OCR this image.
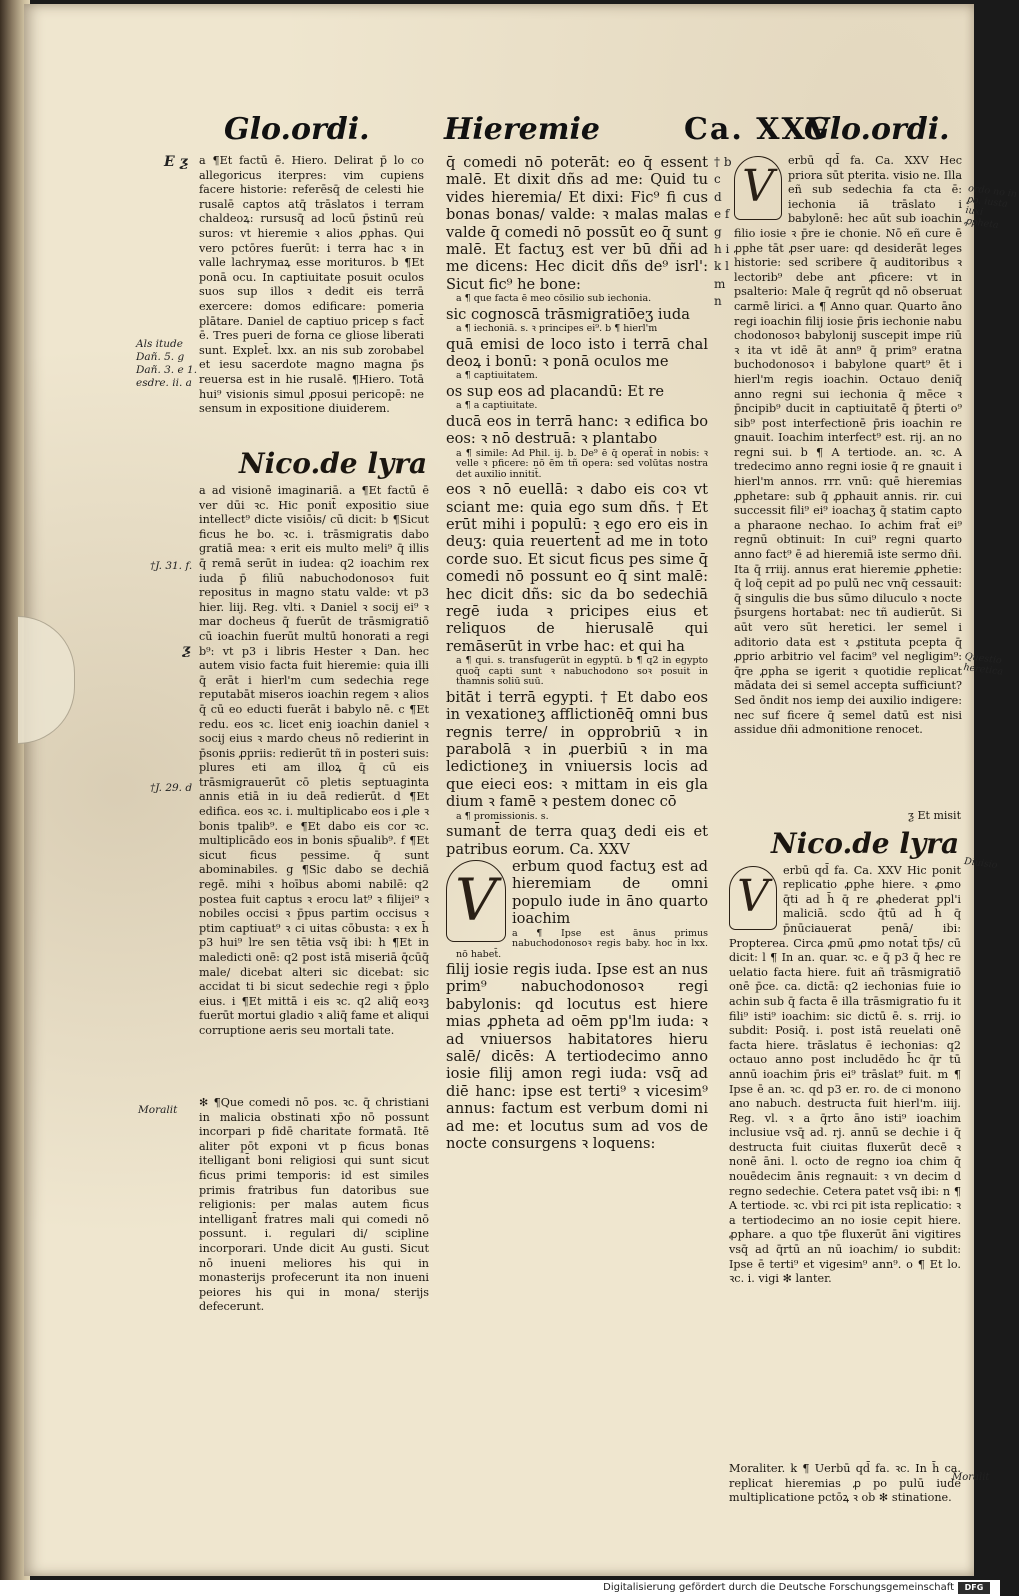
Glo.ordi. Hieremie	Ca. XXV
Glo.ordi.
E ƺ
Als itude Dañ. 5. g Dañ. 3. e 1. esdre. ii. a
†J. 31. f.
ƺ
†J. 29. d
Moralit

a ¶Et factū ē. Hiero. Delirat p̄ lo co allegoricus iterpres: vim cupiens facere historie: referēsq̄ de celesti hie rusalē captos atq̄ trāslatos i terram chaldeoꝝ: rursusq̄ ad locū p̄stinū reu̇ suros: vt hieremie ꝛ alios ꝓphas. Qui vero pctōres fuerūt: i terra hac ꝛ in valle lachrymaꝝ esse morituros. b ¶Et ponā ocu. In captiuitate posuit oculos suos sup illos ꝛ dedit eis terrā exercere: domos edificare: pomeria plātare. Daniel de captiuo pricep s fact̄ ē. Tres pueri de forna ce gliose liberati sunt. Explet̄. lxx. an nis sub zorobabel et iesu sacerdote magno magna p̄s reuersa est in hie rusalē. ¶Hiero. Totā hui⁹ visionis simul ꝓposui pericopē: ne sensum in expositione diuiderem.

Nico.de lyra

a ad visionē imaginariā. a ¶Et factū ē ver dūi ꝛc. Hic ponit̄ expositio siue intellect⁹ dicte visiōis/ cū dicit: b ¶Sicut ficus he bo. ꝛc. i. trāsmigratis dabo gratiā mea: ꝛ erit eis multo meli⁹ q̄ illis q̄ remā serūt in iudea: q2 ioachim rex iuda p̄ filiū nabuchodonosoꝛ fuit repositus in magno statu valde: vt p3 hier. liij. Reg. vlti. ꝛ Daniel ꝛ socij ei⁹ ꝛ mar docheus q̄ fuerūt de trāsmigratiō cū ioachin fuerūt multū honorati a regi b⁹: vt p3 i libris Hester ꝛ Dan. hec autem visio facta fuit hieremie: quia illi q̄ erāt i hierl'm cum sedechia rege reputabāt miseros ioachin regem ꝛ alios q̄ cū eo educti fuerāt i babylo nē. c ¶Et redu. eos ꝛc. licet eniꝫ ioachin daniel ꝛ socij eius ꝛ mardo cheus nō redierint in p̄sonis ꝓpriis: redierūt tñ in posteri suis: plures eti am illoꝝ q̄ cū eis trāsmigrauerūt cō pletis septuaginta annis etiā in iu deā redierūt. d ¶Et edifica. eos ꝛc. i. multiplicabo eos i ꝓle ꝛ bonis tpalib⁹. e ¶Et dabo eis cor ꝛc. multiplicādo eos in bonis sp̄ualib⁹. f ¶Et sicut ficus pessime. q̄ sunt abominabiles. g ¶Sic dabo se dechiā regē. mihi ꝛ hoībus abomi nabilē: q2 postea fuit captus ꝛ erocu lat⁹ ꝛ filijei⁹ ꝛ nobiles occisi ꝛ p̄pus partim occisus ꝛ ptim captiuat⁹ ꝛ ci uitas cōbusta: ꝛ ex h̄ p3 hui⁹ lre sen tētia vsq̄ ibi: h ¶Et in maledicti onē: q2 post istā miseriā q̄cūq̄ male/ dicebat alteri sic dicebat: sic accidat ti bi sicut sedechie regi ꝛ p̄plo eius. i ¶Et mittā i eis ꝛc. q2 aliq̄ eoꝛꝫ fuerūt mortui gladio ꝛ aliq̄ fame et aliqui corruptione aeris seu mortali tate.

✻ ¶Que comedi nō pos. ꝛc. q̄ christiani in malicia obstinati xp̄o nō possunt incorpari p fidē charitate formatā. Itē aliter pōt exponi vt p ficus bonas itelligant̄ boni religiosi qui sunt sicut ficus primi temporis: id est similes primis fratribus fun datoribus sue religionis: per malas autem ficus intelligant̄ fratres mali qui comedi nō possunt. i. regulari di/ scipline incorporari. Unde dicit Au gusti. Sicut nō inueni meliores his qui in monasterijs profecerunt ita non inueni peiores his qui in mona/ sterijs defecerunt.

q̄ comedi nō poterāt: eo q̄ essent malē. Et dixit dñs ad me: Quid tu vides hieremia/ Et dixi: Fic⁹ fi cus bonas bonas/ valde: ꝛ malas malas valde q̄ comedi nō possūt eo q̄ sunt malē. Et factuʒ est ver bū dñi ad me dicens: Hec dicit dñs de⁹ isrl': Sicut fic⁹ he bone:
a ¶ que facta ē meo cōsilio sub iechonia.
sic cognoscā trāsmigratiōeʒ iuda
a ¶ iechoniā. s. ꝛ principes ei⁹. b ¶ hierl'm
quā emisi de loco isto i terrā chal deoꝝ i bonū: ꝛ ponā oculos me
a ¶ captiuitatem.
os sup eos ad placandū: Et re
a ¶ a captiuitate.
ducā eos in terrā hanc: ꝛ edifica bo eos: ꝛ nō destruā: ꝛ plantabo
a ¶ simile: Ad Phil. ij. b. De⁹ ē q̄ operat̄ in nobis: ꝛ velle ꝛ pficere: nō ēm tñ opera: sed volūtas nostra det auxilio innitit̄.
eos ꝛ nō euellā: ꝛ dabo eis coꝛ vt sciant me: quia ego sum dñs. † Et erūt mihi i populū: ꝛ ego ero eis in deuʒ: quia reuertent̄ ad me in toto corde suo. Et sicut ficus pes sime q̄ comedi nō possunt eo q̄ sint malē: hec dicit dñs: sic da bo sedechiā regē iuda ꝛ pricipes eius et reliquos de hierusalē qui remāserūt in vrbe hac: et qui ha
a ¶ qui. s. transfugerūt in egyptū. b ¶ q2 in egypto quoq̄ capti sunt ꝛ nabuchodono soꝛ posuit in thamnis soliū suū.
bitāt i terrā egypti. † Et dabo eos in vexationeʒ afflictionēq̄ omni bus regnis terre/ in opprobriū ꝛ in parabolā ꝛ in ꝓuerbiū ꝛ in ma ledictioneʒ in vniuersis locis ad que eieci eos: ꝛ mittam in eis gla dium ꝛ famē ꝛ pestem donec cō
a ¶ promissionis. s.
sumant̄ de terra quaʒ dedi eis et patribus eorum. Ca. XXV
V	erbum quod factuʒ est ad hieremiam de omni populo iude in āno quarto ioachim
a ¶ Ipse est ānus primus nabuchodonosoꝛ regis baby. hoc in lxx. nō habet̄.
filij iosie regis iuda. Ipse est an nus prim⁹ nabuchodonosoꝛ regi babylonis: qd locutus est hiere mias ꝓpheta ad oēm pp'lm iuda: ꝛ ad vniuersos habitatores hieru salē/ dicēs: A tertiodecimo anno iosie filij amon regi iuda: vsq̄ ad diē hanc: ipse est terti⁹ ꝛ vicesim⁹ annus: factum est verbum domi ni ad me: et locutus sum ad vos de nocte consurgens ꝛ loquens:
† b c d e f g h i k l m n
V

erbū qd̄ fa. Ca. XXV Hec priora sūt pterita. visio ne. Illa eñ sub sedechia fa cta ē: iechonia iā trāslato i babylonē: hec aūt sub ioachin filio iosie ꝛ p̄re ie chonie. Nō eñ cure ē ꝓphe tāt ꝓser uare: qd desiderāt leges historie: sed scribere q̄ auditoribus ꝛ lectorib⁹ debe ant ꝓficere: vt in psalterio: Male q̄ regrūt qd nō obseruat carmē lirici. a ¶ Anno quar. Quarto āno regi ioachin filij iosie p̄ris iechonie nabu chodonosoꝛ babylonij suscepit impe riū ꝛ ita vt idē āt ann⁹ q̄ prim⁹ eratna buchodonosoꝛ i babylone quart⁹ ēt i hierl'm regis ioachin. Octauo deniq̄ anno regni sui iechonia q̄ mēce ꝛ p̄ncipib⁹ ducit in captiuitatē q̄ p̄terti o⁹ sib⁹ post interfectionē p̄ris ioachin re gnauit. Ioachim interfect⁹ est. rij. an no regni sui. b ¶ A tertiode. an. ꝛc. A tredecimo anno regni iosie q̄ re gnauit i hierl'm annos. rrr. vnū: quē hieremias ꝓphetare: sub q̄ ꝓphauit annis. rir. cui successit fili⁹ ei⁹ ioachaʒ q̄ statim capto a pharaone nechao. Io achim frat̄ ei⁹ regnū obtinuit: In cui⁹ regni quarto anno fact⁹ ē ad hieremiā iste sermo dñi. Ita q̄ rriij. annus erat hieremie ꝓphetie: q̄ loq̄ cepit ad po pulū nec vnq̄ cessauit: q̄ singulis die bus sūmo diluculo ꝛ nocte p̄surgens hortabat: nec tñ audierūt. Si aūt vero sūt heretici. ler semel i aditorio data est ꝛ ꝓstituta pcepta q̄ ꝓprio arbitrio vel facim⁹ vel negligim⁹: q̄re ꝓpha se igerit ꝛ quotidie replicat mādata dei si semel accepta sufficiunt? Sed ōndit nos iemp dei auxilio indigere: nec suf ficere q̄ semel datū est nisi assidue dñi admonitione renocet.

ƺ Et misit
Nico.de lyra
V

erbū qd̄ fa. Ca. XXV Hic ponit replicatio ꝓphe hiere. ꝛ ꝓmo q̄ti ad h̄ q̄ re ꝓhederat ppl'i maliciā. scdo q̄tū ad h̄ q̄ p̄nūciauerat penā/ ibi: Propterea. Circa ꝓmū ꝓmo notat̄ tp̄s/ cū dicit: l ¶ In an. quar. ꝛc. e q̄ p3 q̄ hec re uelatio facta hiere. fuit añ trāsmigratiō onē p̄ce. ca. dictā: q2 iechonias fuie io achin sub q̄ facta ē illa trāsmigratio fu it fili⁹ isti⁹ ioachim: sic dictū ē. s. rrij. io subdit: Posiq̄. i. post istā reuelati onē facta hiere. trāslatus ē iechonias: q2 octauo anno post includēdo h̄c q̄r tū annū ioachim p̄ris ei⁹ trāslat⁹ fuit. m ¶ Ipse ē an. ꝛc. qd p3 er. ro. de ci monono ano nabuch. destructa fuit hierl'm. iiij. Reg. vl. ꝛ a q̄rto āno isti⁹ ioachim inclusiue vsq̄ ad. rj. annū se dechie i q̄ destructa fuit ciuitas fluxerūt decē ꝛ nonē āni. l. octo de regno ioa chim q̄ nouēdecim ānis regnauit: ꝛ vn decim d regno sedechie. Cetera patet vsq̄ ibi: n ¶ A tertiode. ꝛc. vbi rci pit ista replicatio: ꝛ a tertiodecimo an no iosie cepit hiere. ꝓphare. a quo tp̄e fluxerūt āni vigitires vsq̄ ad q̄rtū an nū ioachim/ io subdit: Ipse ē terti⁹ et vigesim⁹ ann⁹. o ¶ Et lo. ꝛc. i. vigi ✻ lanter.

Moraliter. k ¶ Uerbū qd̄ fa. ꝛc. In h̄ ca. replicat hieremias ꝓ po pulū iude multiplicatione pctōꝝ ꝛ ob ✻ stinatione.

ordo no in ꝑo. iusta iuxi ꝓpheta
Questio heretica
Diuisio
Moralit
Digitalisierung gefördert durch die Deutsche Forschungsgemeinschaft	DFG
